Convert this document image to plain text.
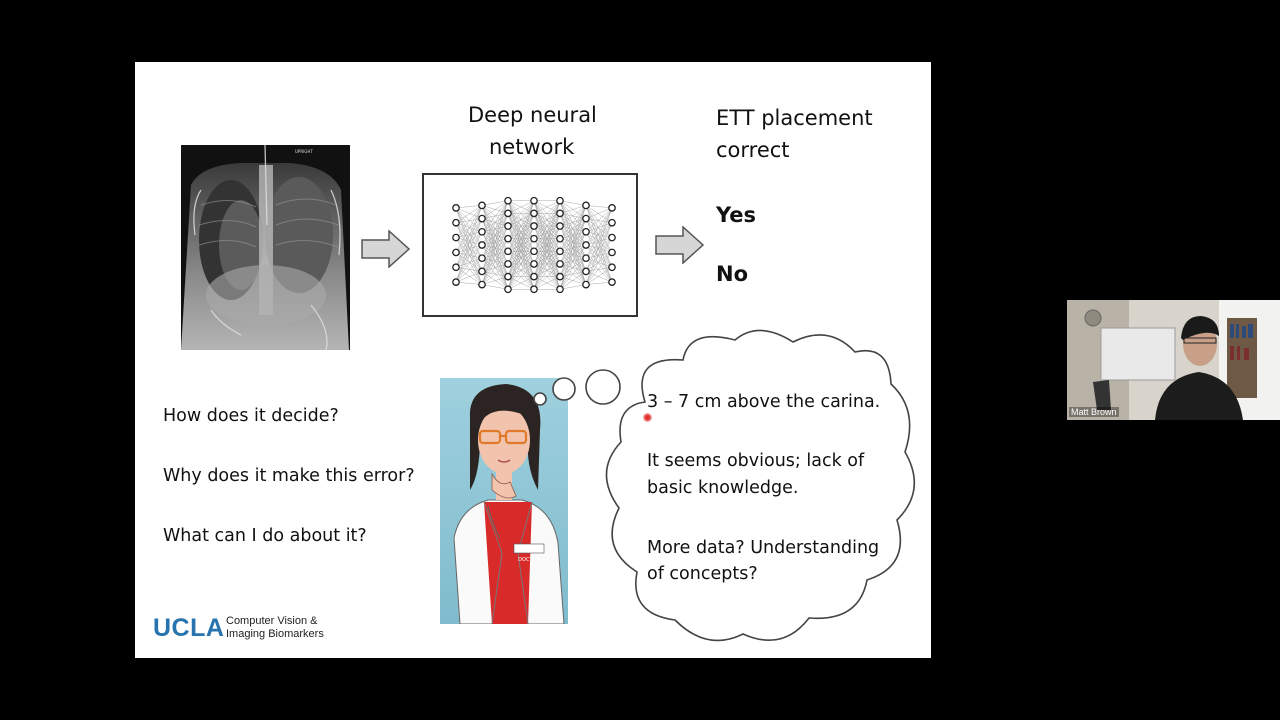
UPRIGHT
Deep neural
network
ETT placement
correct
Yes
No
How does it decide?
Why does it make this error?
What can I do about it?
DOCTOR
3 – 7 cm above the carina.
It seems obvious; lack of
basic knowledge.
More data? Understanding
of concepts?
UCLA Computer Vision &
Imaging Biomarkers
Matt Brown
